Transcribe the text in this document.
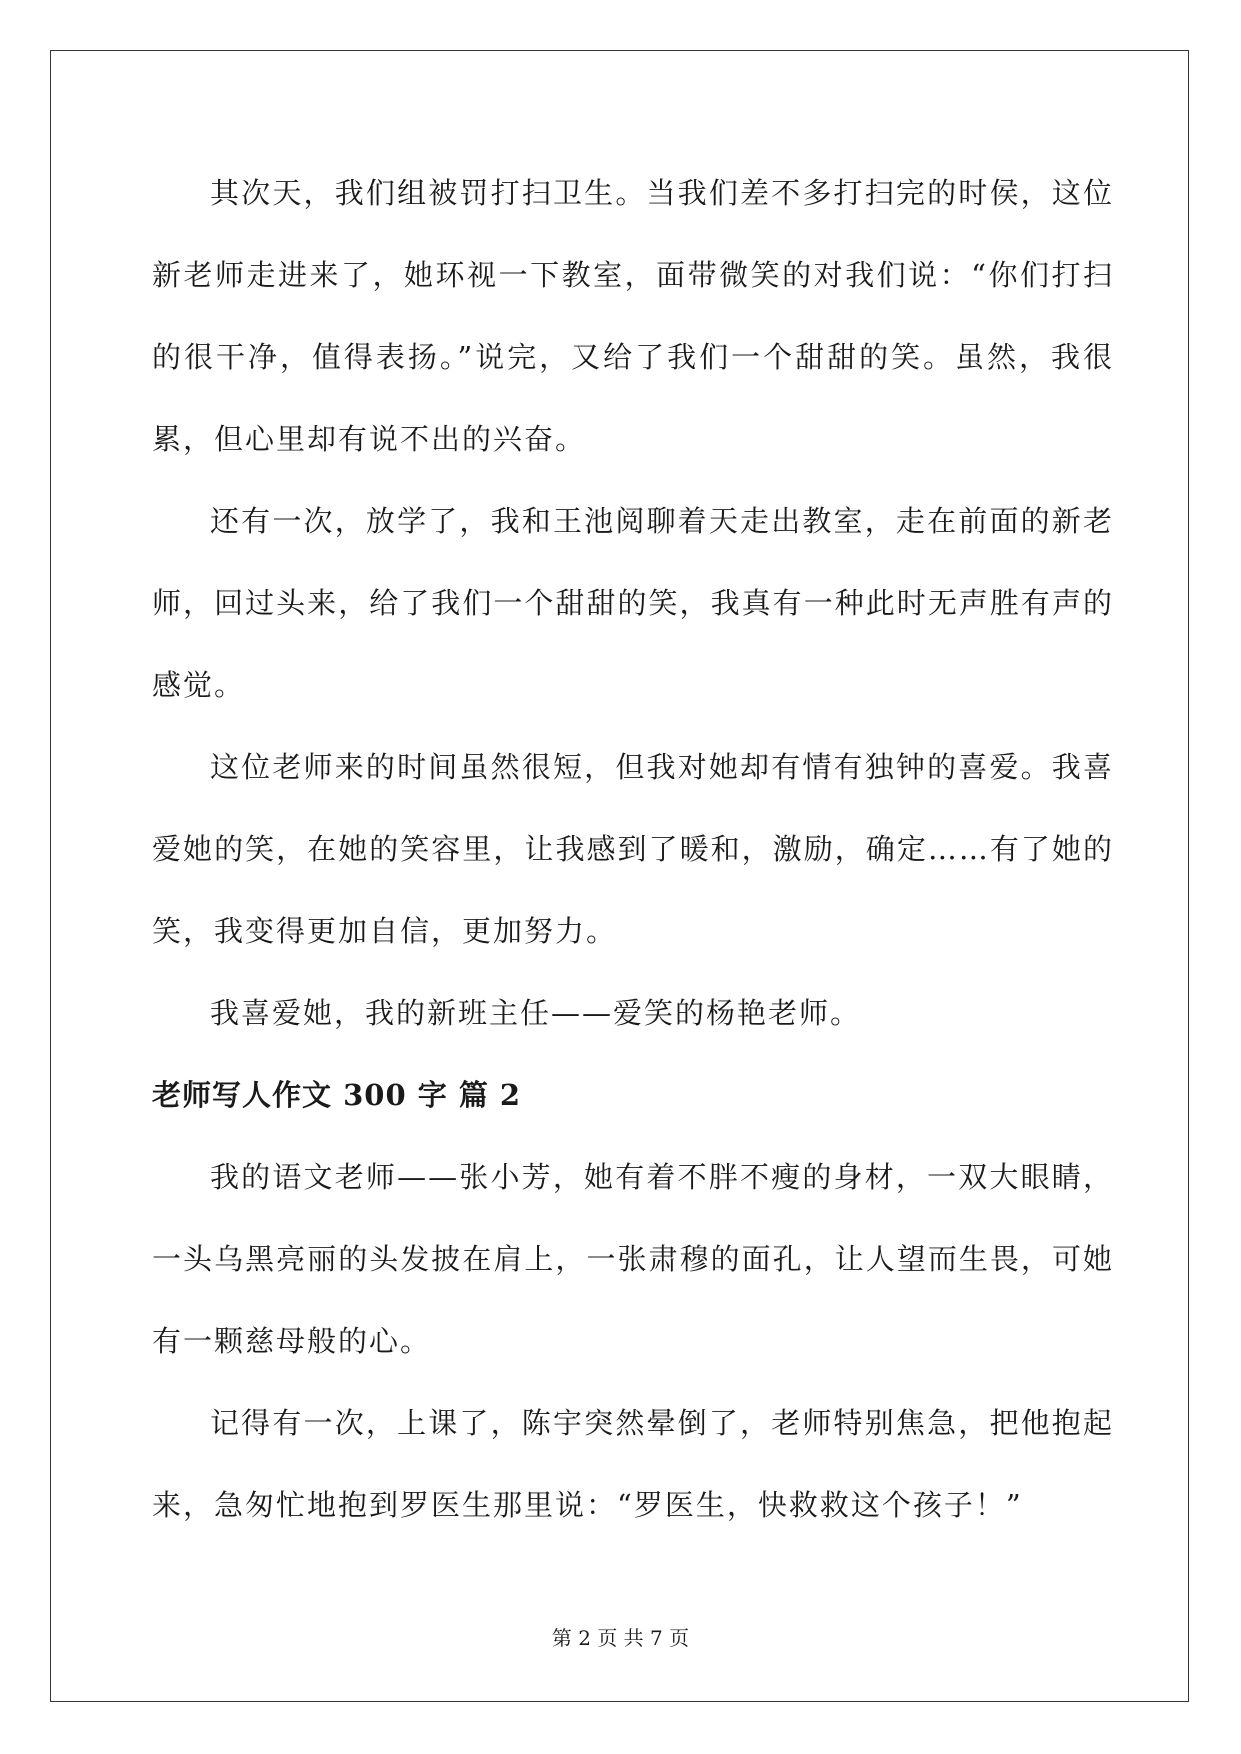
其次天，我们组被罚打扫卫生。当我们差不多打扫完的时侯，这位新老师走进来了，她环视一下教室，面带微笑的对我们说：“你们打扫的很干净，值得表扬。”说完，又给了我们一个甜甜的笑。虽然，我很累，但心里却有说不出的兴奋。

还有一次，放学了，我和王池阅聊着天走出教室，走在前面的新老师，回过头来，给了我们一个甜甜的笑，我真有一种此时无声胜有声的感觉。

这位老师来的时间虽然很短，但我对她却有情有独钟的喜爱。我喜爱她的笑，在她的笑容里，让我感到了暖和，激励，确定……有了她的笑，我变得更加自信，更加努力。

我喜爱她，我的新班主任——爱笑的杨艳老师。

老师写人作文 300 字 篇 2

我的语文老师——张小芳，她有着不胖不瘦的身材，一双大眼睛，一头乌黑亮丽的头发披在肩上，一张肃穆的面孔，让人望而生畏，可她有一颗慈母般的心。

记得有一次，上课了，陈宇突然晕倒了，老师特别焦急，把他抱起来，急匆忙地抱到罗医生那里说：“罗医生，快救救这个孩子！”

第 2 页 共 7 页
